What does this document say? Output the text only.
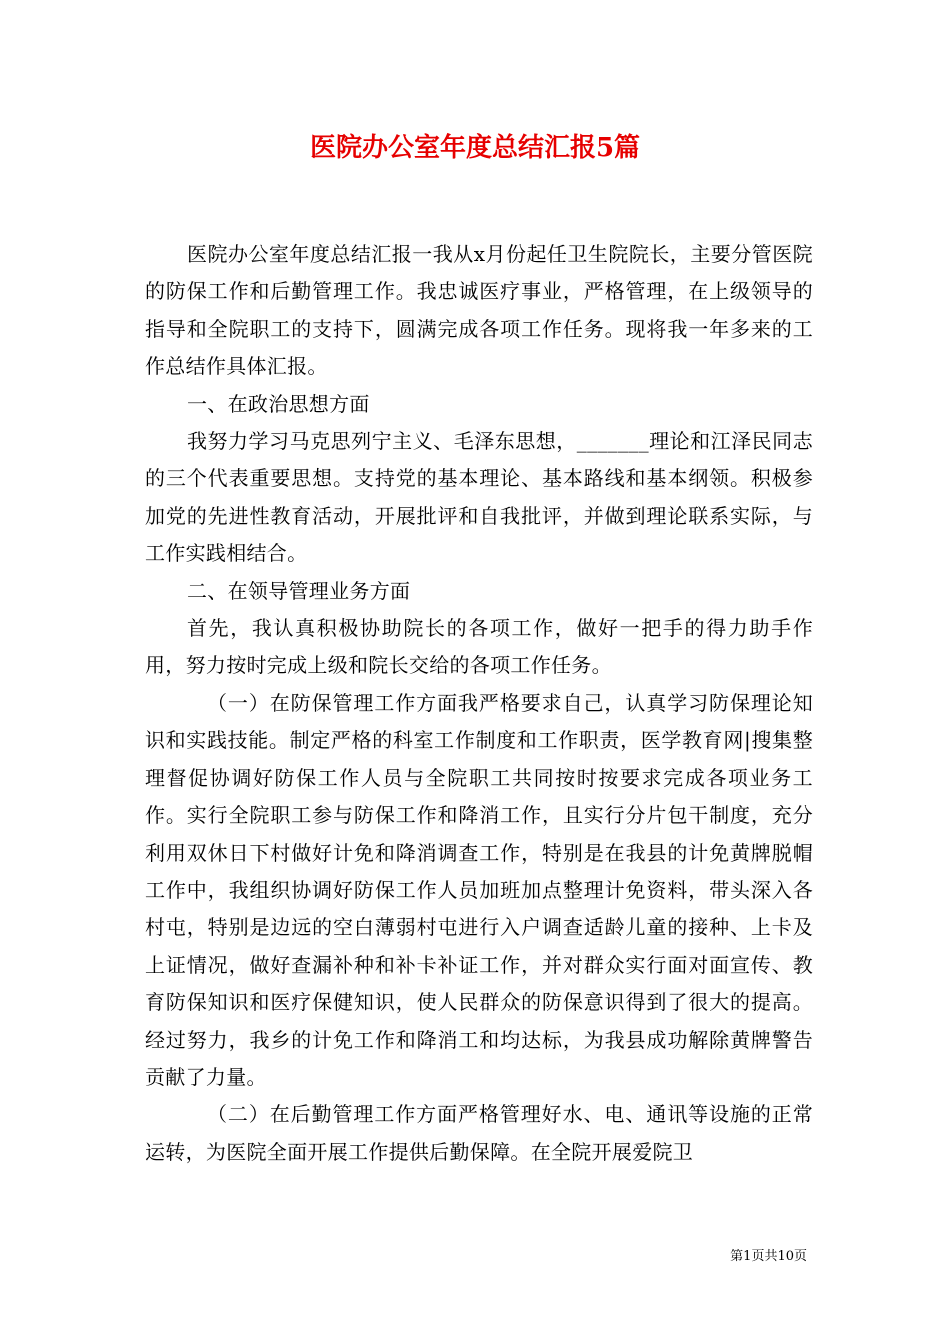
医院办公室年度总结汇报5篇

医院办公室年度总结汇报一我从x月份起任卫生院院长，主要分管医院的防保工作和后勤管理工作。我忠诚医疗事业，严格管理，在上级领导的指导和全院职工的支持下，圆满完成各项工作任务。现将我一年多来的工作总结作具体汇报。

一、在政治思想方面

我努力学习马克思列宁主义、毛泽东思想，_______理论和江泽民同志的三个代表重要思想。支持党的基本理论、基本路线和基本纲领。积极参加党的先进性教育活动，开展批评和自我批评，并做到理论联系实际，与工作实践相结合。

二、在领导管理业务方面

首先，我认真积极协助院长的各项工作，做好一把手的得力助手作用，努力按时完成上级和院长交给的各项工作任务。

（一）在防保管理工作方面我严格要求自己，认真学习防保理论知识和实践技能。制定严格的科室工作制度和工作职责，医学教育网|搜集整理督促协调好防保工作人员与全院职工共同按时按要求完成各项业务工作。实行全院职工参与防保工作和降消工作，且实行分片包干制度，充分利用双休日下村做好计免和降消调查工作，特别是在我县的计免黄牌脱帽工作中，我组织协调好防保工作人员加班加点整理计免资料，带头深入各村屯，特别是边远的空白薄弱村屯进行入户调查适龄儿童的接种、上卡及上证情况，做好查漏补种和补卡补证工作，并对群众实行面对面宣传、教育防保知识和医疗保健知识，使人民群众的防保意识得到了很大的提高。经过努力，我乡的计免工作和降消工和均达标，为我县成功解除黄牌警告贡献了力量。

（二）在后勤管理工作方面严格管理好水、电、通讯等设施的正常运转，为医院全面开展工作提供后勤保障。在全院开展爱院卫

第1页共10页
